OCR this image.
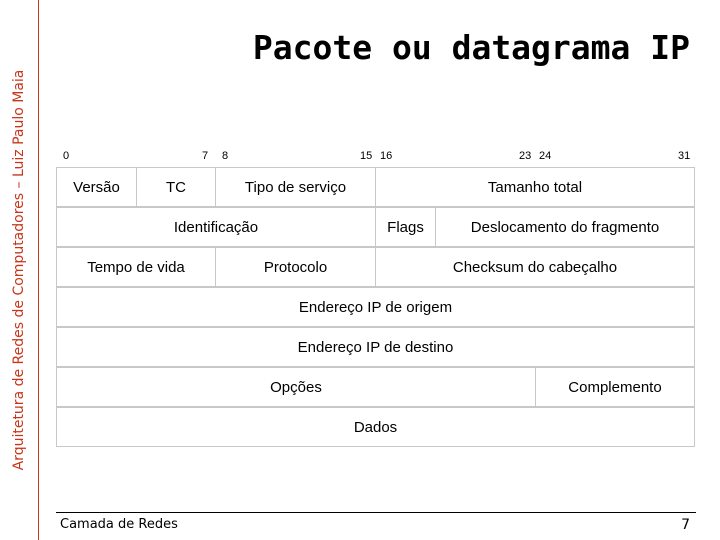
Arquitetura de Redes de Computadores – Luiz Paulo Maia
Pacote ou datagrama IP
0	7 8	15 16	23 24	31
Versão	TC	Tipo de serviço	Tamanho total
Identificação	Flags	Deslocamento do fragmento
Tempo de vida	Protocolo	Checksum do cabeçalho
Endereço IP de origem
Endereço IP de destino
Opções	Complemento
Dados
Camada de Redes	7
